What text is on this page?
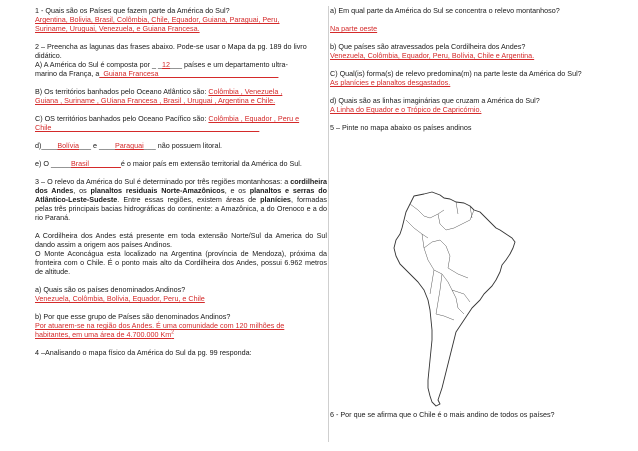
1 - Quais são os Países que fazem parte da América do Sul?

Argentina, Bolivia, Brasil, Colômbia, Chile, Equador, Guiana, Paraguai, Peru,

Suriname, Uruguai, Venezuela, e Guiana Francesa.

2 – Preencha as lagunas das frases abaixo. Pode-se usar o Mapa da pg. 189 do livro

didático.

A) A América do Sul é composta por _ _12___ países e um departamento ultra-

marino da França, a_Guiana Francesa______________________________

B) Os territórios banhados pelo Oceano Atlântico são: Colômbia , Venezuela ,

Guiana , Suriname , GUiana Francesa , Brasil , Uruguai , Argentina e Chile.

C) OS territórios banhados pelo Oceano Pacífico são: Colômbia , Equador , Peru e

Chile____________________________________________________

d)____Bolívia___ e ____Paraguai___ não possuem litoral.

e) O _____Brasil________é o maior país em extensão territorial da América do Sul.

3 – O relevo da América do Sul é determinado por três regiões montanhosas: a cordilheira dos Andes, os planaltos residuais Norte-Amazônicos, e os planaltos e serras do Atlântico-Leste-Sudeste. Entre essas regiões, existem áreas de planícies, formadas pelas três principais bacias hidrográficas do continente: a Amazônica, a do Orenoco e a do rio Paraná.

A Cordilheira dos Andes está presente em toda extensão Norte/Sul da America do Sul dando assim a origem aos países Andinos.

O Monte Aconcágua esta localizado na Argentina (província de Mendoza), próxima da fronteira com o Chile. É o ponto mais alto da Cordilheira dos Andes, possui 6.962 metros de altitude.

a) Quais são os países denominados Andinos?

Venezuela, Colômbia, Bolívia, Equador, Peru, e Chile

b) Por que esse grupo de Países são denominados Andinos?

Por atuarem-se na região dos Andes. É uma comunidade com 120 milhões de

habitantes, em uma área de 4.700.000 Km$^2$

4 –Analisando o mapa físico da América do Sul da pg. 99 responda:

a) Em qual parte da América do Sul se concentra o relevo montanhoso?

Na parte oeste

b) Que países são atravessados pela Cordilheira dos Andes?

Venezuela, Colômbia, Equador, Peru, Bolívia, Chile e Argentina.

C) Qual(is) forma(s) de relevo predomina(m) na parte leste da América do Sul?

As planícies e planaltos desgastados.

d) Quais são as linhas imaginárias que cruzam a América do Sul?

A Linha do Equador e o Trópico de Capricórnio.

5 – Pinte no mapa abaixo os países andinos

6 - Por que se afirma que o Chile é o mais andino de todos os países?
